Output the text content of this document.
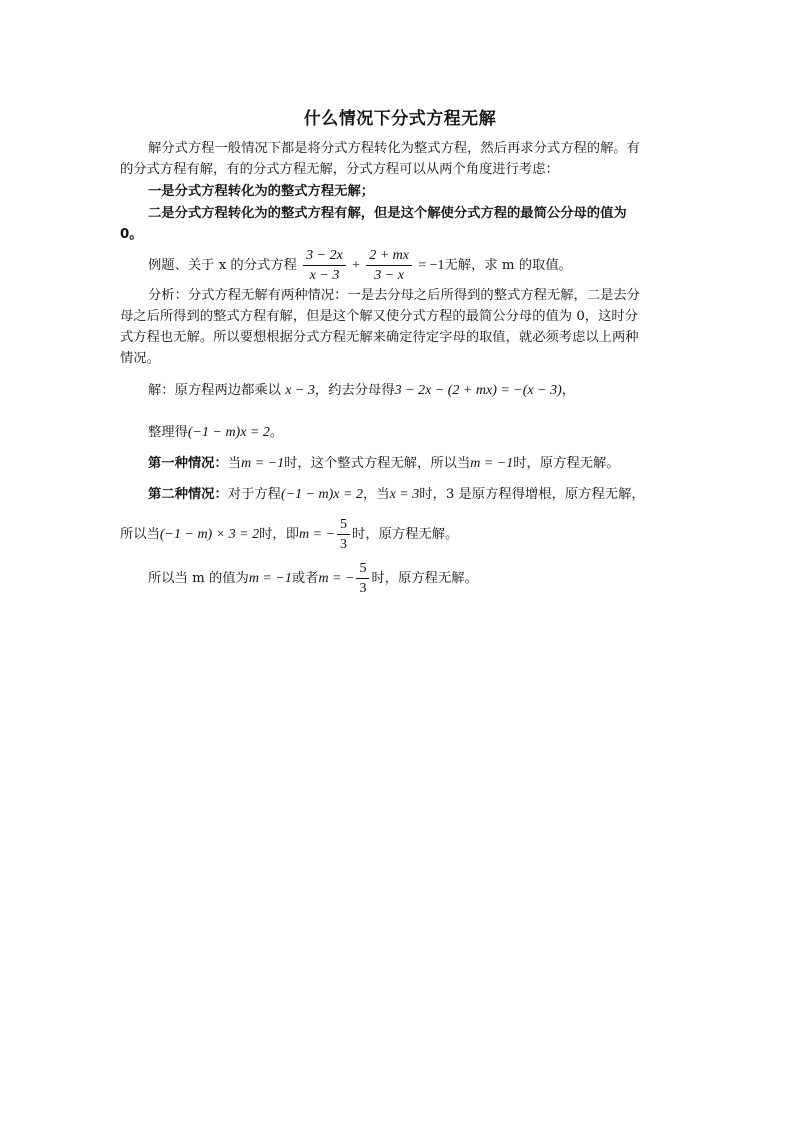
什么情况下分式方程无解
解分式方程一般情况下都是将分式方程转化为整式方程，然后再求分式方程的解。有
的分式方程有解，有的分式方程无解，分式方程可以从两个角度进行考虑：
一是分式方程转化为的整式方程无解；
二是分式方程转化为的整式方程有解，但是这个解使分式方程的最简公分母的值为
0。
例题、关于 x 的分式方程 $\frac{3 - 2x}{x - 3} + \frac{2 + mx}{3 - x} = -1$无解，求 m 的取值。
分析：分式方程无解有两种情况：一是去分母之后所得到的整式方程无解，二是去分
母之后所得到的整式方程有解，但是这个解又使分式方程的最简公分母的值为 0，这时分
式方程也无解。所以要想根据分式方程无解来确定待定字母的取值，就必须考虑以上两种
情况。
解：原方程两边都乘以 x − 3，约去分母得3 − 2x − (2 + mx) = −(x − 3)，
整理得(−1 − m)x = 2。
第一种情况：当m = −1时，这个整式方程无解，所以当m = −1时，原方程无解。
第二种情况：对于方程(−1 − m)x = 2，当x = 3时，3 是原方程得增根，原方程无解，
所以当(−1 − m) × 3 = 2时，即m = − $\frac{5}{3}$ 时，原方程无解。
所以当 m 的值为m = −1或者m = − $\frac{5}{3}$ 时，原方程无解。
